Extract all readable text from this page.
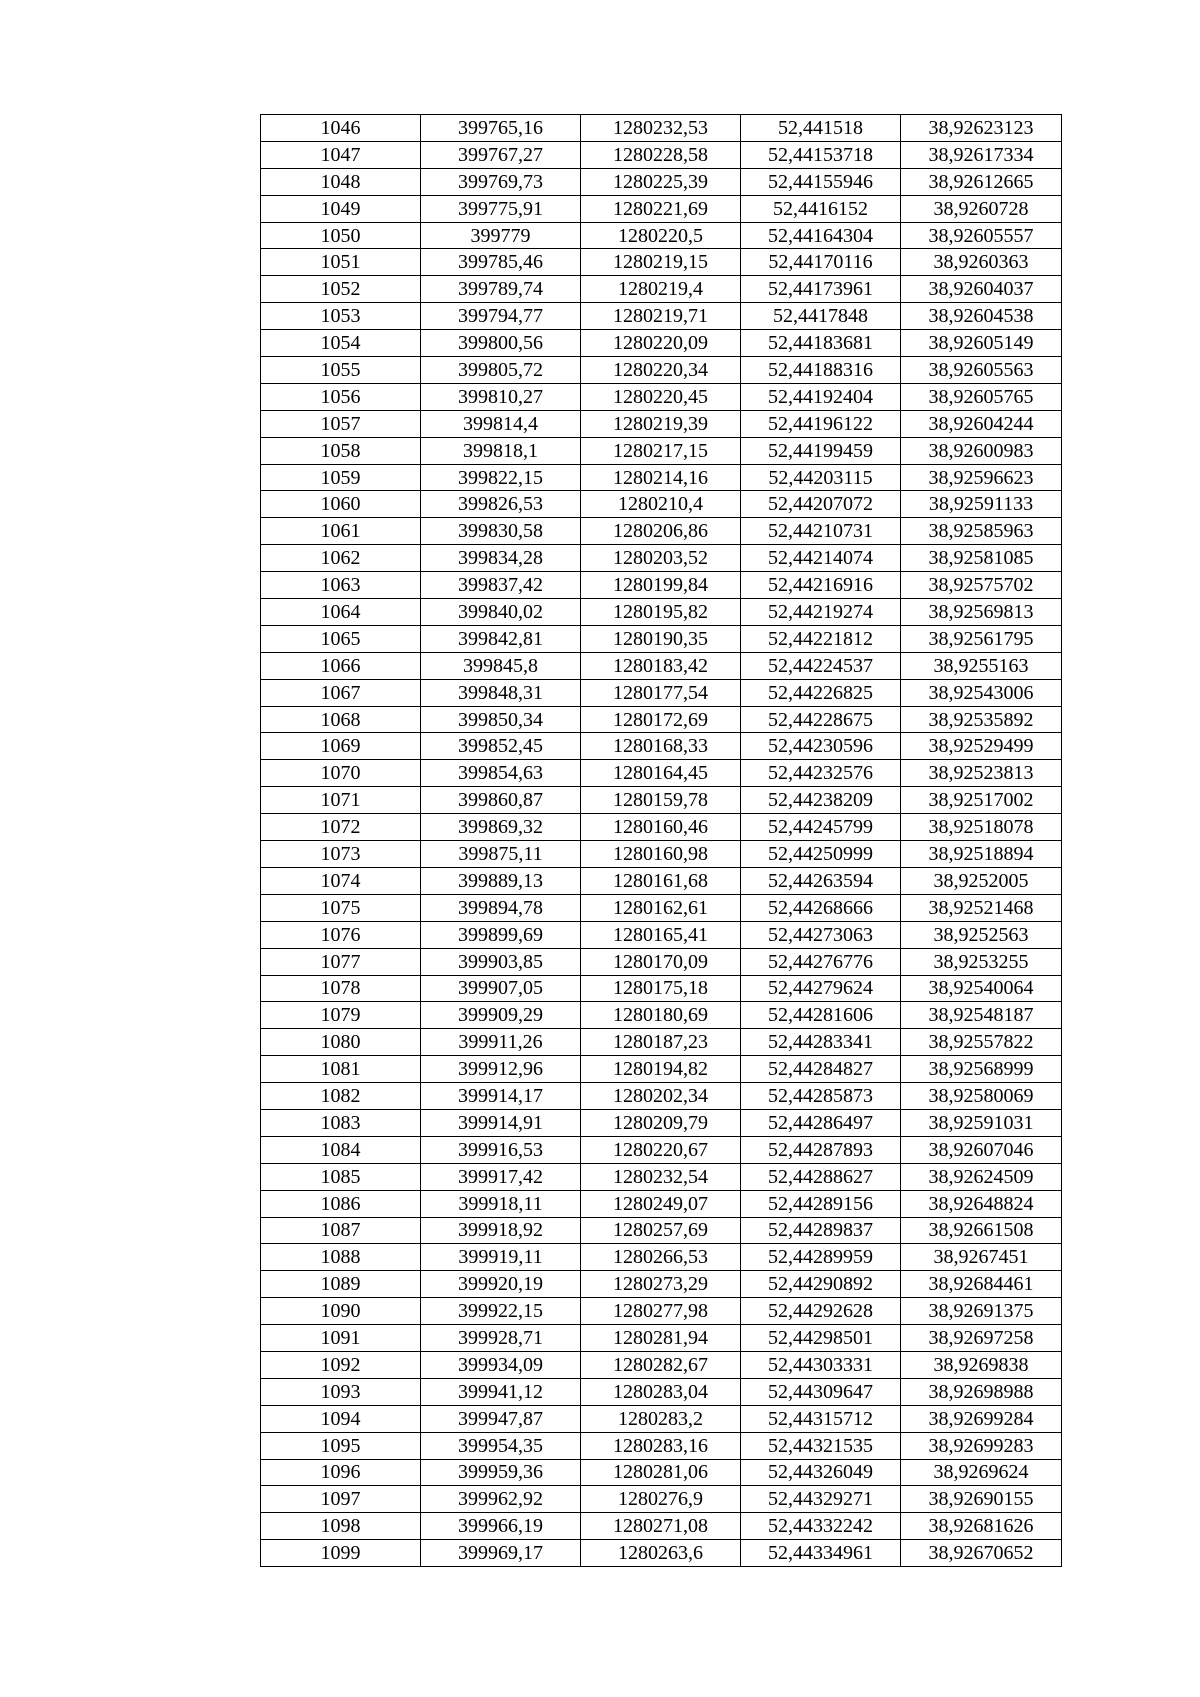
1046	399765,16	1280232,53	52,441518	38,92623123
1047	399767,27	1280228,58	52,44153718	38,92617334
1048	399769,73	1280225,39	52,44155946	38,92612665
1049	399775,91	1280221,69	52,4416152	38,9260728
1050	399779	1280220,5	52,44164304	38,92605557
1051	399785,46	1280219,15	52,44170116	38,9260363
1052	399789,74	1280219,4	52,44173961	38,92604037
1053	399794,77	1280219,71	52,4417848	38,92604538
1054	399800,56	1280220,09	52,44183681	38,92605149
1055	399805,72	1280220,34	52,44188316	38,92605563
1056	399810,27	1280220,45	52,44192404	38,92605765
1057	399814,4	1280219,39	52,44196122	38,92604244
1058	399818,1	1280217,15	52,44199459	38,92600983
1059	399822,15	1280214,16	52,44203115	38,92596623
1060	399826,53	1280210,4	52,44207072	38,92591133
1061	399830,58	1280206,86	52,44210731	38,92585963
1062	399834,28	1280203,52	52,44214074	38,92581085
1063	399837,42	1280199,84	52,44216916	38,92575702
1064	399840,02	1280195,82	52,44219274	38,92569813
1065	399842,81	1280190,35	52,44221812	38,92561795
1066	399845,8	1280183,42	52,44224537	38,9255163
1067	399848,31	1280177,54	52,44226825	38,92543006
1068	399850,34	1280172,69	52,44228675	38,92535892
1069	399852,45	1280168,33	52,44230596	38,92529499
1070	399854,63	1280164,45	52,44232576	38,92523813
1071	399860,87	1280159,78	52,44238209	38,92517002
1072	399869,32	1280160,46	52,44245799	38,92518078
1073	399875,11	1280160,98	52,44250999	38,92518894
1074	399889,13	1280161,68	52,44263594	38,9252005
1075	399894,78	1280162,61	52,44268666	38,92521468
1076	399899,69	1280165,41	52,44273063	38,9252563
1077	399903,85	1280170,09	52,44276776	38,9253255
1078	399907,05	1280175,18	52,44279624	38,92540064
1079	399909,29	1280180,69	52,44281606	38,92548187
1080	399911,26	1280187,23	52,44283341	38,92557822
1081	399912,96	1280194,82	52,44284827	38,92568999
1082	399914,17	1280202,34	52,44285873	38,92580069
1083	399914,91	1280209,79	52,44286497	38,92591031
1084	399916,53	1280220,67	52,44287893	38,92607046
1085	399917,42	1280232,54	52,44288627	38,92624509
1086	399918,11	1280249,07	52,44289156	38,92648824
1087	399918,92	1280257,69	52,44289837	38,92661508
1088	399919,11	1280266,53	52,44289959	38,9267451
1089	399920,19	1280273,29	52,44290892	38,92684461
1090	399922,15	1280277,98	52,44292628	38,92691375
1091	399928,71	1280281,94	52,44298501	38,92697258
1092	399934,09	1280282,67	52,44303331	38,9269838
1093	399941,12	1280283,04	52,44309647	38,92698988
1094	399947,87	1280283,2	52,44315712	38,92699284
1095	399954,35	1280283,16	52,44321535	38,92699283
1096	399959,36	1280281,06	52,44326049	38,9269624
1097	399962,92	1280276,9	52,44329271	38,92690155
1098	399966,19	1280271,08	52,44332242	38,92681626
1099	399969,17	1280263,6	52,44334961	38,92670652
